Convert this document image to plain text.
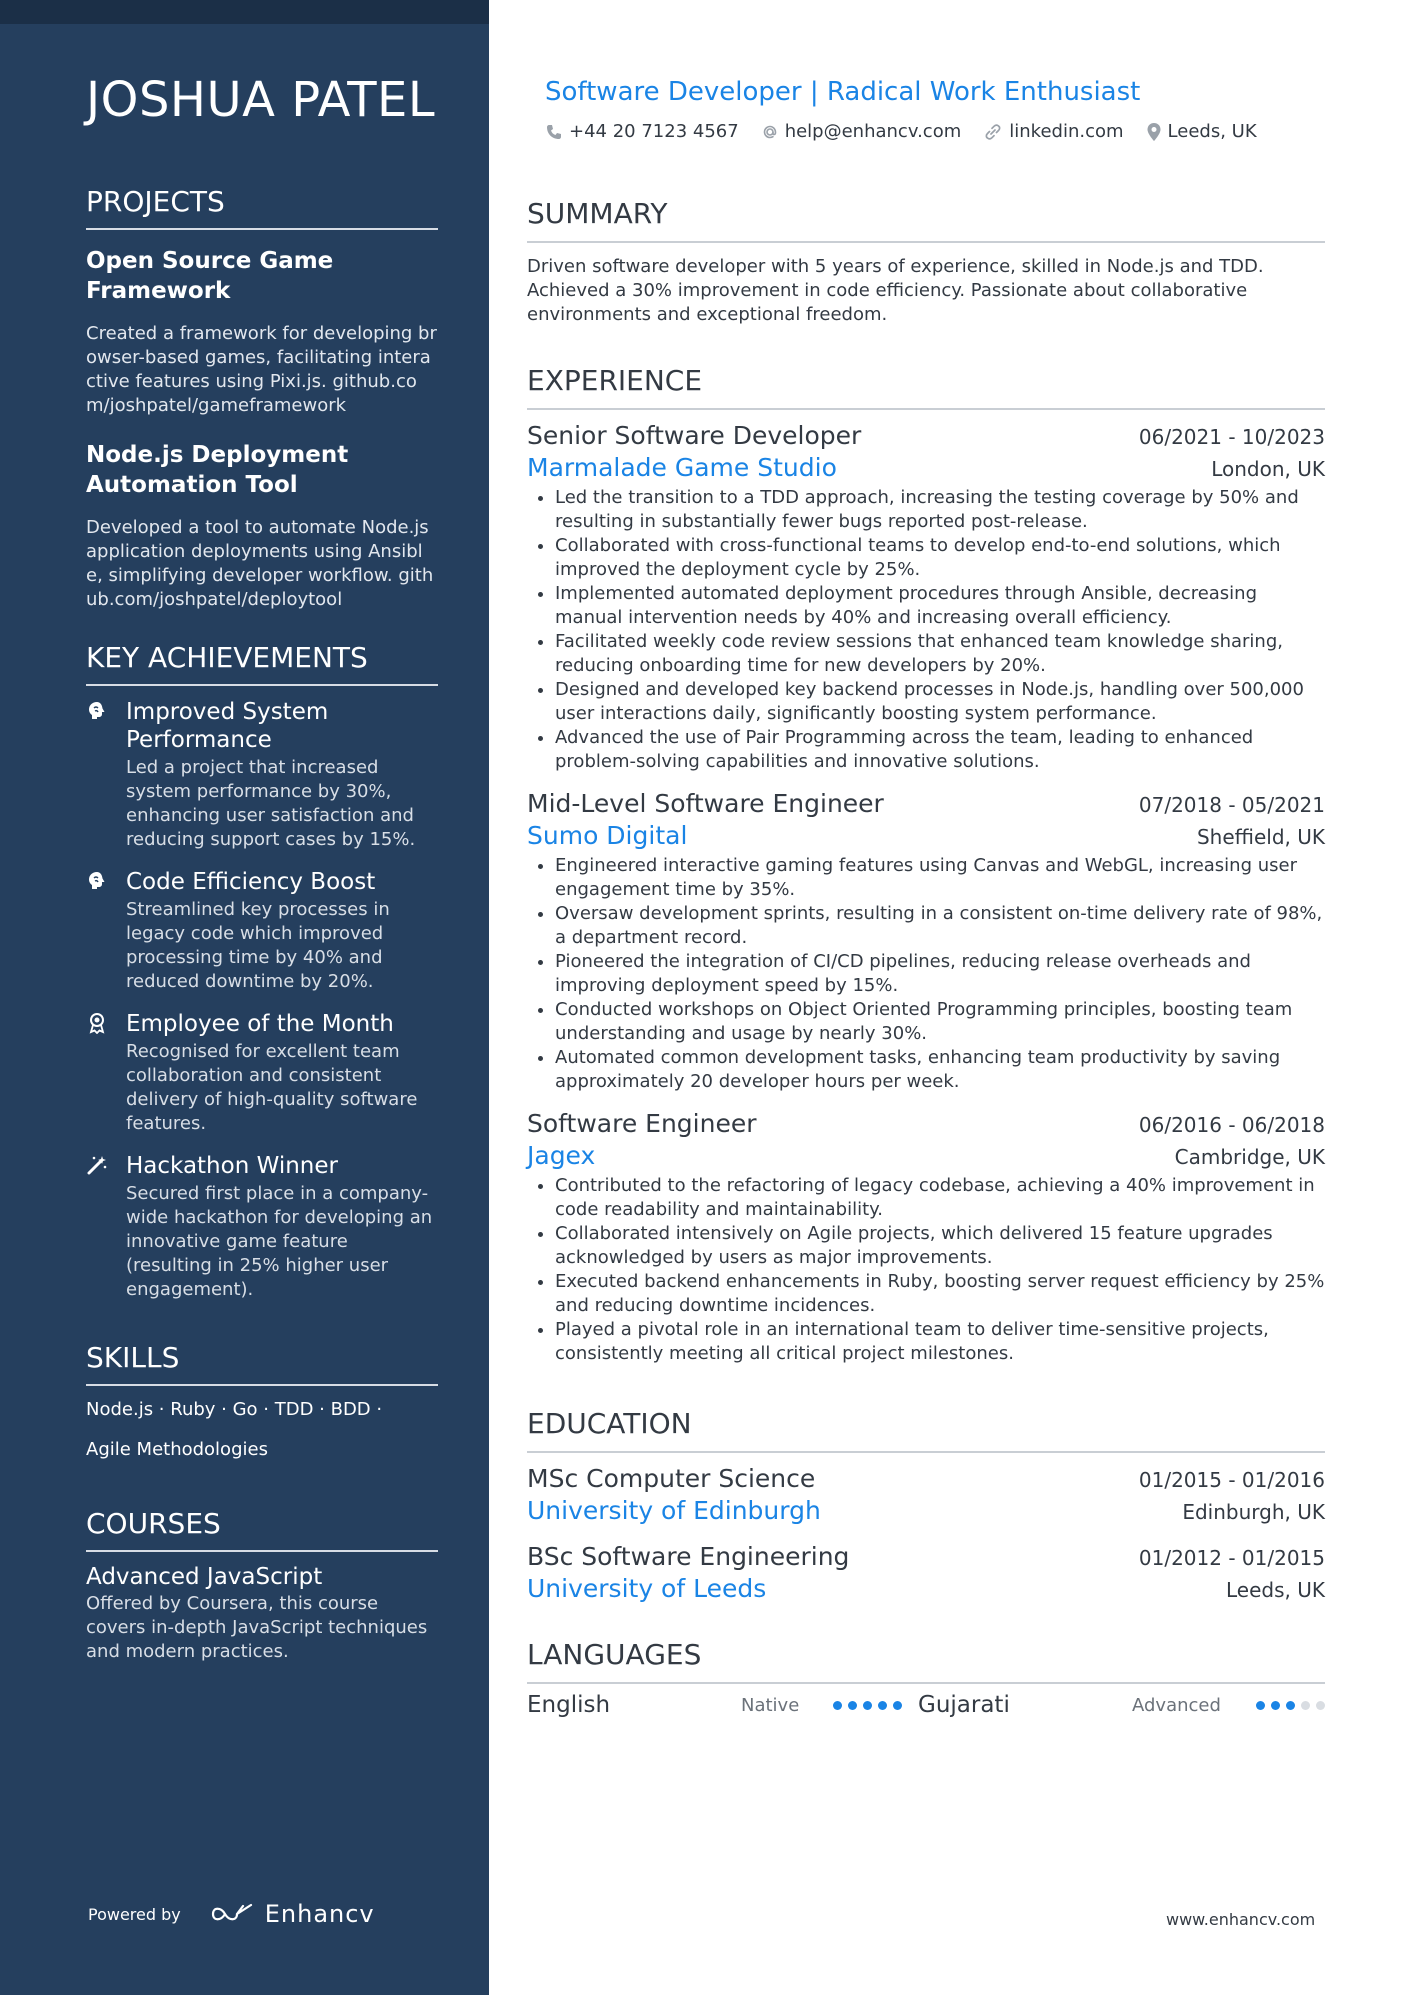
JOSHUA PATEL
PROJECTS

Open Source Game Framework

Created a framework for developing browser-based games, facilitating interactive features using Pixi.js. github.com/joshpatel/gameframework

Node.js Deployment Automation Tool

Developed a tool to automate Node.js application deployments using Ansible, simplifying developer workflow. github.com/joshpatel/deploytool

KEY ACHIEVEMENTS

Improved System Performance

Led a project that increased system performance by 30%, enhancing user satisfaction and reducing support cases by 15%.

Code Efficiency Boost

Streamlined key processes in legacy code which improved processing time by 40% and reduced downtime by 20%.

Employee of the Month

Recognised for excellent team collaboration and consistent delivery of high-quality software features.

Hackathon Winner

Secured first place in a company-wide hackathon for developing an innovative game feature (resulting in 25% higher user engagement).

SKILLS

Node.js · Ruby · Go · TDD · BDD ·

Agile Methodologies

COURSES

Advanced JavaScript

Offered by Coursera, this course covers in-depth JavaScript techniques and modern practices.

Powered by	Enhancv

Software Developer | Radical Work Enthusiast

+44 20 7123 4567	help@enhancv.com	linkedin.com Leeds, UK
SUMMARY

Driven software developer with 5 years of experience, skilled in Node.js and TDD. Achieved a 30% improvement in code efficiency. Passionate about collaborative environments and exceptional freedom.

EXPERIENCE
Senior Software Developer	06/2021 - 10/2023
Marmalade Game Studio	London, UK
• Led the transition to a TDD approach, increasing the testing coverage by 50% and resulting in substantially fewer bugs reported post-release.
• Collaborated with cross-functional teams to develop end-to-end solutions, which improved the deployment cycle by 25%.
• Implemented automated deployment procedures through Ansible, decreasing manual intervention needs by 40% and increasing overall efficiency.
• Facilitated weekly code review sessions that enhanced team knowledge sharing, reducing onboarding time for new developers by 20%.
• Designed and developed key backend processes in Node.js, handling over 500,000 user interactions daily, significantly boosting system performance.
• Advanced the use of Pair Programming across the team, leading to enhanced problem-solving capabilities and innovative solutions.
Mid-Level Software Engineer	07/2018 - 05/2021
Sumo Digital	Sheffield, UK
• Engineered interactive gaming features using Canvas and WebGL, increasing user engagement time by 35%.
• Oversaw development sprints, resulting in a consistent on-time delivery rate of 98%, a department record.
• Pioneered the integration of CI/CD pipelines, reducing release overheads and improving deployment speed by 15%.
• Conducted workshops on Object Oriented Programming principles, boosting team understanding and usage by nearly 30%.
• Automated common development tasks, enhancing team productivity by saving approximately 20 developer hours per week.
Software Engineer	06/2016 - 06/2018
Jagex	Cambridge, UK
• Contributed to the refactoring of legacy codebase, achieving a 40% improvement in code readability and maintainability.
• Collaborated intensively on Agile projects, which delivered 15 feature upgrades acknowledged by users as major improvements.
• Executed backend enhancements in Ruby, boosting server request efficiency by 25% and reducing downtime incidences.
• Played a pivotal role in an international team to deliver time-sensitive projects, consistently meeting all critical project milestones.
EDUCATION
MSc Computer Science	01/2015 - 01/2016
University of Edinburgh	Edinburgh, UK
BSc Software Engineering	01/2012 - 01/2015
University of Leeds	Leeds, UK
LANGUAGES
English	Native	Gujarati	Advanced
www.enhancv.com
